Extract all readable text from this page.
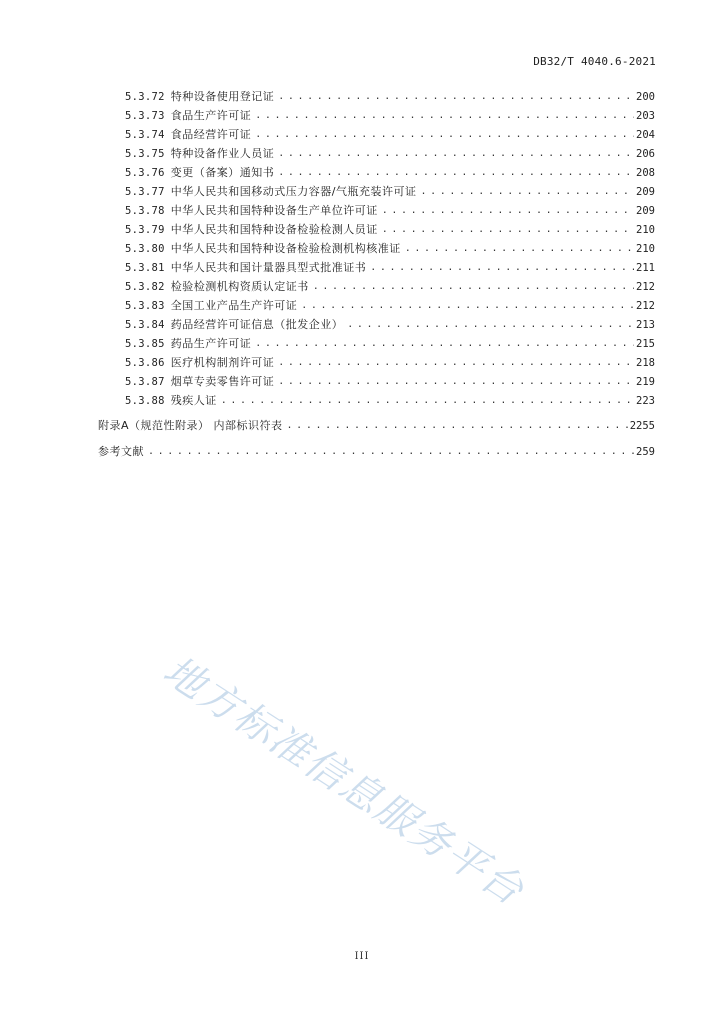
DB32/T 4040.6-2021
5.3.72 特种设备使用登记证 . . .	200
5.3.73 食品生产许可证 . . .	203
5.3.74 食品经营许可证 . . .	204
5.3.75 特种设备作业人员证 . . .	206
5.3.76 变更（备案）通知书 . . .	208
5.3.77 中华人民共和国移动式压力容器/气瓶充装许可证 . . .	209
5.3.78 中华人民共和国特种设备生产单位许可证 . . .	209
5.3.79 中华人民共和国特种设备检验检测人员证 . . .	210
5.3.80 中华人民共和国特种设备检验检测机构核准证 . . .	210
5.3.81 中华人民共和国计量器具型式批准证书 . . .	211
5.3.82 检验检测机构资质认定证书 . . .	212
5.3.83 全国工业产品生产许可证 . . .	212
5.3.84 药品经营许可证信息（批发企业） . . .	213
5.3.85 药品生产许可证 . . .	215
5.3.86 医疗机构制剂许可证 . . .	218
5.3.87 烟草专卖零售许可证 . . .	219
5.3.88 残疾人证 . . .	223
附录A（规范性附录） 内部标识符表 . . .	2255
参考文献 . . .	259
地方标准信息服务平台
III
